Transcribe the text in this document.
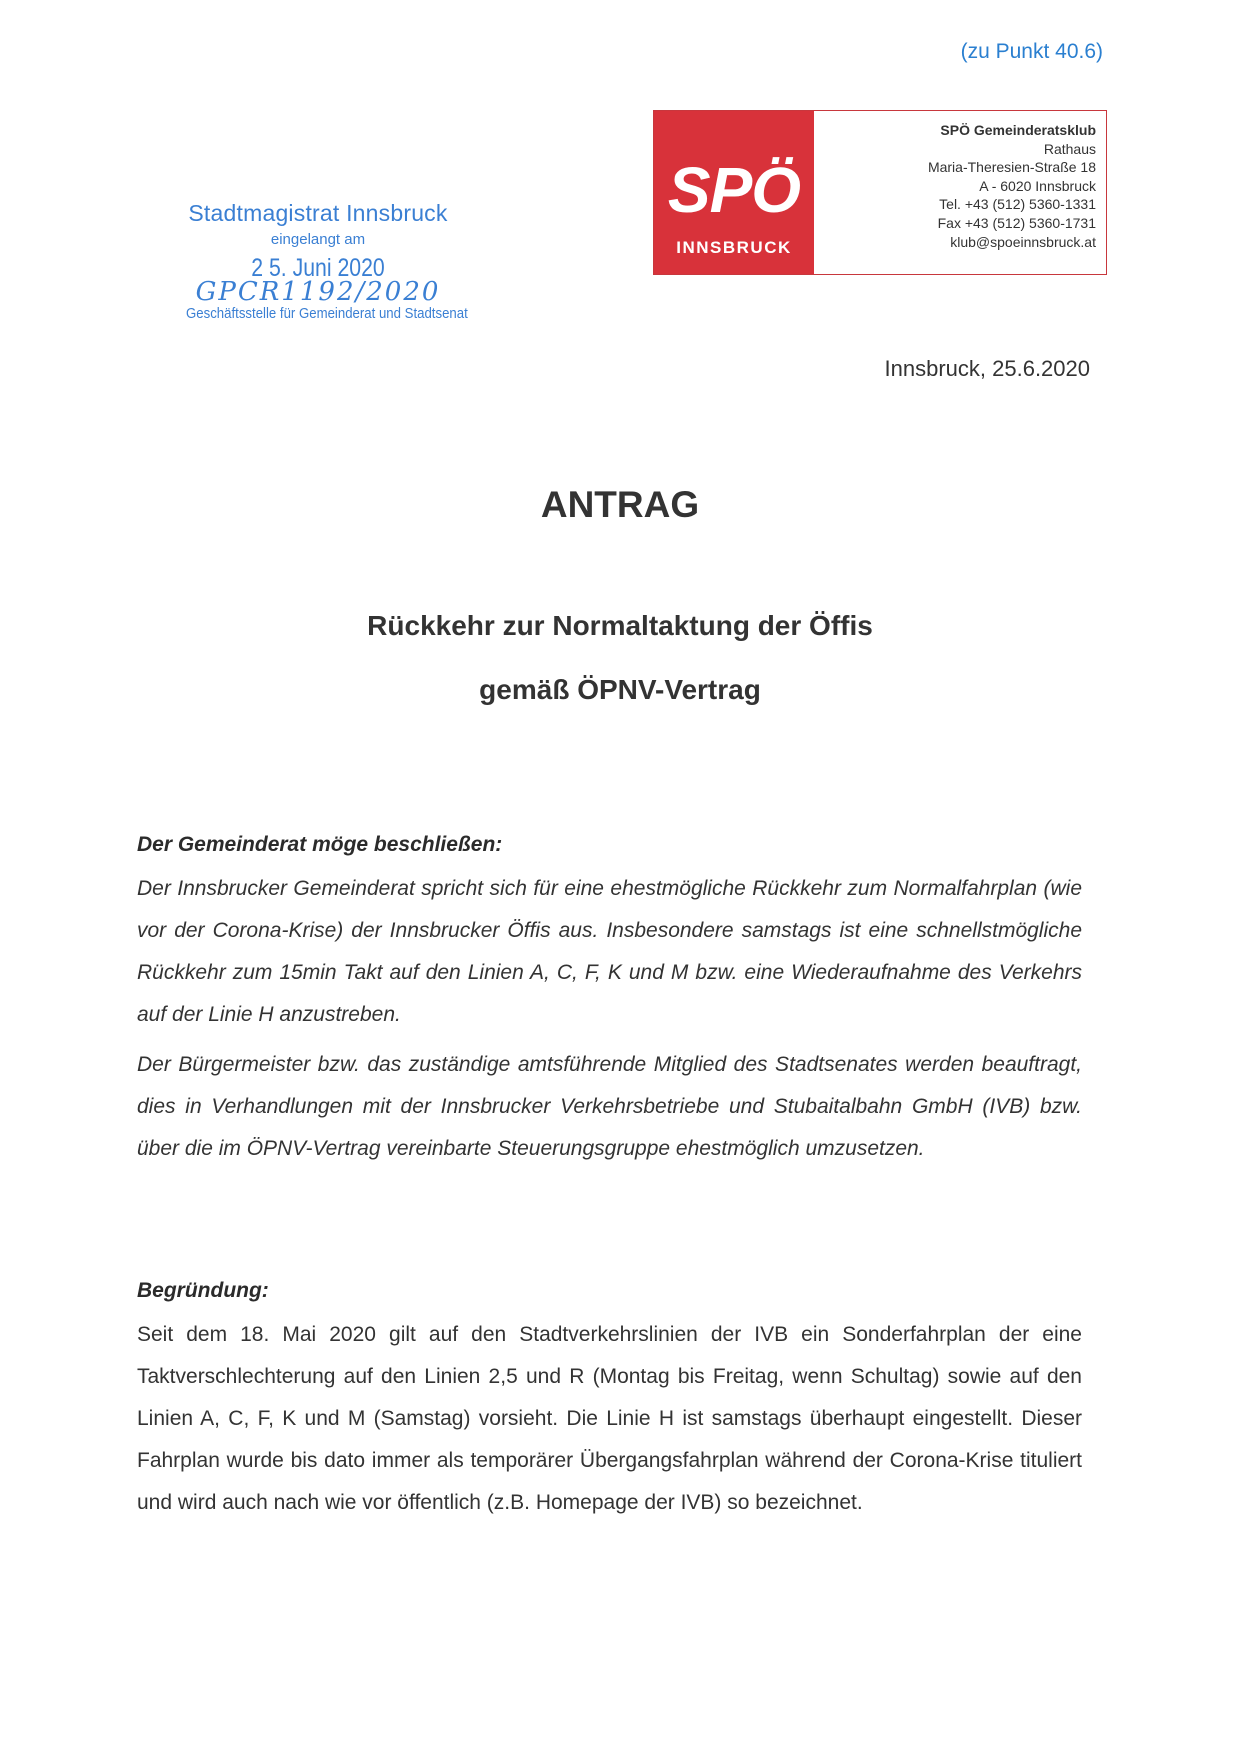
(zu Punkt 40.6)
Stadtmagistrat Innsbruck
eingelangt am
2 5. Juni 2020
GPCR1192/2020
Geschäftsstelle für Gemeinderat und Stadtsenat
SPÖ
INNSBRUCK
SPÖ Gemeinderatsklub
Rathaus
Maria-Theresien-Straße 18
A - 6020 Innsbruck
Tel. +43 (512) 5360-1331
Fax +43 (512) 5360-1731
klub@spoeinnsbruck.at
Innsbruck, 25.6.2020
ANTRAG
Rückkehr zur Normaltaktung der Öffis
gemäß ÖPNV-Vertrag
Der Gemeinderat möge beschließen:
Der Innsbrucker Gemeinderat spricht sich für eine ehestmögliche Rückkehr zum Normalfahrplan (wie vor der Corona-Krise) der Innsbrucker Öffis aus. Insbesondere samstags ist eine schnellstmögliche Rückkehr zum 15min Takt auf den Linien A, C, F, K und M bzw. eine Wiederaufnahme des Verkehrs auf der Linie H anzustreben.
Der Bürgermeister bzw. das zuständige amtsführende Mitglied des Stadtsenates werden beauftragt, dies in Verhandlungen mit der Innsbrucker Verkehrsbetriebe und Stubaitalbahn GmbH (IVB) bzw. über die im ÖPNV-Vertrag vereinbarte Steuerungsgruppe ehestmöglich umzusetzen.
Begründung:
Seit dem 18. Mai 2020 gilt auf den Stadtverkehrslinien der IVB ein Sonderfahrplan der eine Taktverschlechterung auf den Linien 2,5 und R (Montag bis Freitag, wenn Schultag) sowie auf den Linien A, C, F, K und M (Samstag) vorsieht. Die Linie H ist samstags überhaupt eingestellt. Dieser Fahrplan wurde bis dato immer als temporärer Übergangsfahrplan während der Corona-Krise tituliert und wird auch nach wie vor öffentlich (z.B. Homepage der IVB) so bezeichnet.
